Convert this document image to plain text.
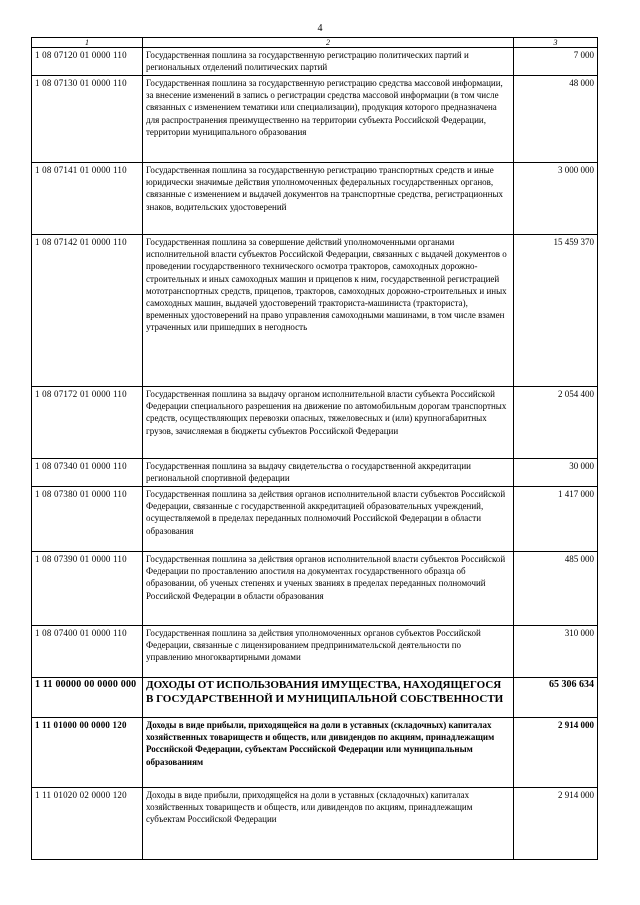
4
1	2	3
1 08 07120 01 0000 110	Государственная пошлина за государственную регистрацию политических партий и региональных отделений политических партий	7 000
1 08 07130 01 0000 110	Государственная пошлина за государственную регистрацию средства массовой информации, за внесение изменений в запись о регистрации средства массовой информации (в том числе связанных с изменением тематики или специализации), продукция которого предназначена для распространения преимущественно на территории субъекта Российской Федерации, территории муниципального образования	48 000
1 08 07141 01 0000 110	Государственная пошлина за государственную регистрацию транспортных средств и иные юридически значимые действия уполномоченных федеральных государственных органов, связанные с изменением и выдачей документов на транспортные средства, регистрационных знаков, водительских удостоверений	3 000 000
1 08 07142 01 0000 110	Государственная пошлина за совершение действий уполномоченными органами исполнительной власти субъектов Российской Федерации, связанных с выдачей документов о проведении государственного технического осмотра тракторов, самоходных дорожно-строительных и иных самоходных машин и прицепов к ним, государственной регистрацией мототранспортных средств, прицепов, тракторов, самоходных дорожно-строительных и иных самоходных машин, выдачей удостоверений тракториста-машиниста (тракториста), временных удостоверений на право управления самоходными машинами, в том числе взамен утраченных или пришедших в негодность	15 459 370
1 08 07172 01 0000 110	Государственная пошлина за выдачу органом исполнительной власти субъекта Российской Федерации специального разрешения на движение по автомобильным дорогам транспортных средств, осуществляющих перевозки опасных, тяжеловесных и (или) крупногабаритных грузов, зачисляемая в бюджеты субъектов Российской Федерации	2 054 400
1 08 07340 01 0000 110	Государственная пошлина за выдачу свидетельства о государственной аккредитации региональной спортивной федерации	30 000
1 08 07380 01 0000 110	Государственная пошлина за действия органов исполнительной власти субъектов Российской Федерации, связанные с государственной аккредитацией образовательных учреждений, осуществляемой в пределах переданных полномочий Российской Федерации в области образования	1 417 000
1 08 07390 01 0000 110	Государственная пошлина за действия органов исполнительной власти субъектов Российской Федерации по проставлению апостиля на документах государственного образца об образовании, об ученых степенях и ученых званиях в пределах переданных полномочий Российской Федерации в области образования	485 000
1 08 07400 01 0000 110	Государственная пошлина за действия уполномоченных органов субъектов Российской Федерации, связанные с лицензированием предпринимательской деятельности по управлению многоквартирными домами	310 000
1 11 00000 00 0000 000	ДОХОДЫ ОТ ИСПОЛЬЗОВАНИЯ ИМУЩЕСТВА, НАХОДЯЩЕГОСЯ В ГОСУДАРСТВЕННОЙ И МУНИЦИПАЛЬНОЙ СОБСТВЕННОСТИ	65 306 634
1 11 01000 00 0000 120	Доходы в виде прибыли, приходящейся на доли в уставных (складочных) капиталах хозяйственных товариществ и обществ, или дивидендов по акциям, принадлежащим Российской Федерации, субъектам Российской Федерации или муниципальным образованиям	2 914 000
1 11 01020 02 0000 120	Доходы в виде прибыли, приходящейся на доли в уставных (складочных) капиталах хозяйственных товариществ и обществ, или дивидендов по акциям, принадлежащим субъектам Российской Федерации	2 914 000
